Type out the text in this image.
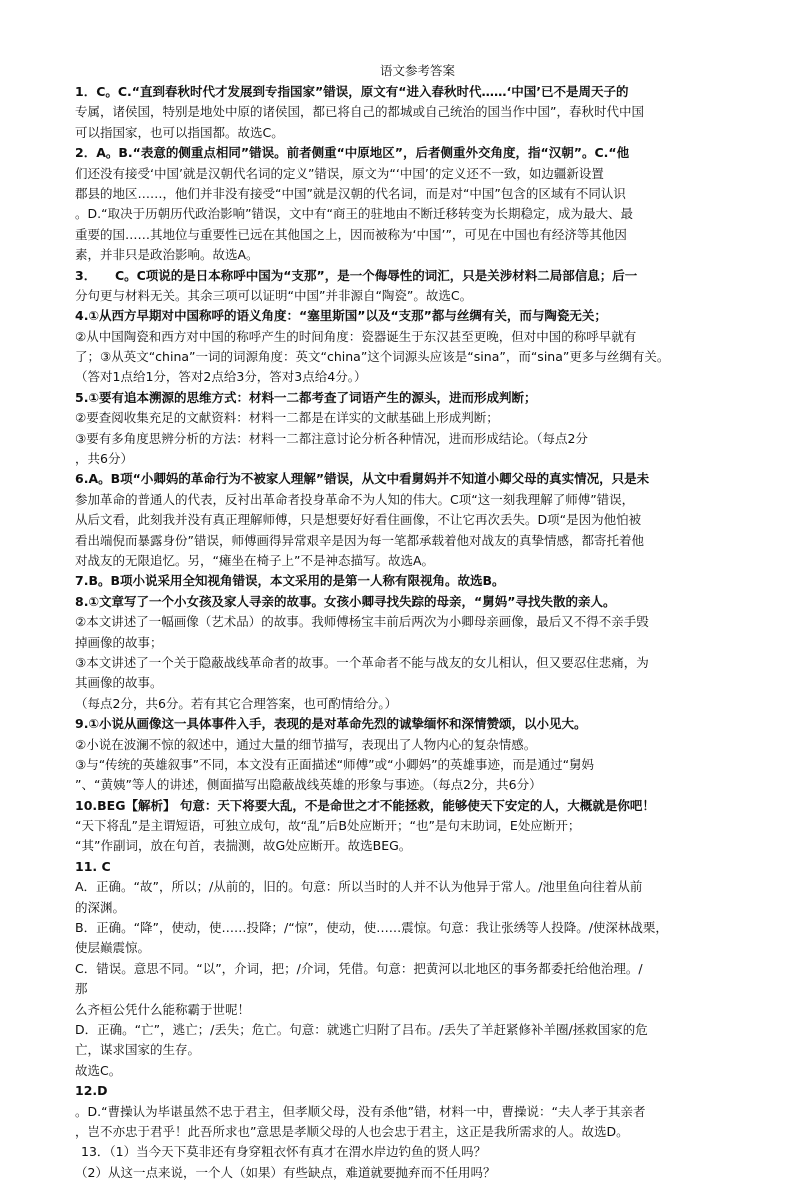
语文参考答案
1．C。C.“直到春秋时代才发展到专指国家”错误，原文有“进入春秋时代……‘中国’已不是周天子的
专属，诸侯国，特别是地处中原的诸侯国，都已将自己的都城或自己统治的国当作中国”，春秋时代中国
可以指国家，也可以指国都。故选C。
2．A。B.“表意的侧重点相同”错误。前者侧重“中原地区”，后者侧重外交角度，指“汉朝”。C.“他
们还没有接受‘中国’就是汉朝代名词的定义”错误，原文为“‘中国’的定义还不一致，如边疆新设置
郡县的地区……，他们并非没有接受“中国”就是汉朝的代名词，而是对“中国”包含的区域有不同认识
。D.“取决于历朝历代政治影响”错误，文中有“商王的驻地由不断迁移转变为长期稳定，成为最大、最
重要的国……其地位与重要性已远在其他国之上，因而被称为‘中国’”，可见在中国也有经济等其他因
素，并非只是政治影响。故选A。
3．　　C。C项说的是日本称呼中国为“支那”，是一个侮辱性的词汇，只是关涉材料二局部信息；后一
分句更与材料无关。其余三项可以证明“中国”并非源自“陶瓷”。故选C。
4.①从西方早期对中国称呼的语义角度：“塞里斯国”以及“支那”都与丝绸有关，而与陶瓷无关；
②从中国陶瓷和西方对中国的称呼产生的时间角度：瓷器诞生于东汉甚至更晚，但对中国的称呼早就有
了；③从英文“china”一词的词源角度：英文“china”这个词源头应该是“sina”，而“sina”更多与丝绸有关。
（答对1点给1分，答对2点给3分，答对3点给4分。）
5.①要有追本溯源的思维方式：材料一二都考查了词语产生的源头，进而形成判断；
②要查阅收集充足的文献资料：材料一二都是在详实的文献基础上形成判断；
③要有多角度思辨分析的方法：材料一二都注意讨论分析各种情况，进而形成结论。（每点2分
，共6分）
6.A。B项“小卿妈的革命行为不被家人理解”错误，从文中看舅妈并不知道小卿父母的真实情况，只是未
参加革命的普通人的代表，反衬出革命者投身革命不为人知的伟大。C项“这一刻我理解了师傅”错误，
从后文看，此刻我并没有真正理解师傅，只是想要好好看住画像，不让它再次丢失。D项“是因为他怕被
看出端倪而暴露身份”错误，师傅画得异常艰辛是因为每一笔都承载着他对战友的真挚情感，都寄托着他
对战友的无限追忆。另，“瘫坐在椅子上”不是神态描写。故选A。
7.B。B项小说采用全知视角错误，本文采用的是第一人称有限视角。故选B。
8.①文章写了一个小女孩及家人寻亲的故事。女孩小卿寻找失踪的母亲，“舅妈”寻找失散的亲人。
②本文讲述了一幅画像（艺术品）的故事。我师傅杨宝丰前后两次为小卿母亲画像，最后又不得不亲手毁
掉画像的故事；
③本文讲述了一个关于隐蔽战线革命者的故事。一个革命者不能与战友的女儿相认，但又要忍住悲痛，为
其画像的故事。
（每点2分，共6分。若有其它合理答案，也可酌情给分。）
9.①小说从画像这一具体事件入手，表现的是对革命先烈的诚挚缅怀和深情赞颂，以小见大。
②小说在波澜不惊的叙述中，通过大量的细节描写，表现出了人物内心的复杂情感。
③与“传统的英雄叙事”不同，本文没有正面描述“师傅”或“小卿妈”的英雄事迹，而是通过“舅妈
”、“黄姨”等人的讲述，侧面描写出隐蔽战线英雄的形象与事迹。（每点2分，共6分）
10.BEG【解析】 句意：天下将要大乱，不是命世之才不能拯救，能够使天下安定的人，大概就是你吧！
“天下将乱”是主谓短语，可独立成句，故“乱”后B处应断开；“也”是句末助词，E处应断开；
“其”作副词，放在句首，表揣测，故G处应断开。故选BEG。
11. C
A．正确。“故”，所以；/从前的，旧的。句意：所以当时的人并不认为他异于常人。/池里鱼向往着从前
的深渊。
B．正确。“降”，使动，使……投降；/“惊”，使动，使……震惊。句意：我让张绣等人投降。/使深林战栗，
使层巅震惊。
C．错误。意思不同。“以”，介词，把；/介词，凭借。句意：把黄河以北地区的事务都委托给他治理。/
那
么齐桓公凭什么能称霸于世呢！
D．正确。“亡”，逃亡；/丢失；危亡。句意：就逃亡归附了吕布。/丢失了羊赶紧修补羊圈/拯救国家的危
亡，谋求国家的生存。
故选C。
12.D
。D.“曹操认为毕谌虽然不忠于君主，但孝顺父母，没有杀他”错，材料一中，曹操说：“夫人孝于其亲者
，岂不亦忠于君乎！此吾所求也”意思是孝顺父母的人也会忠于君主，这正是我所需求的人。故选D。
13．（1）当今天下莫非还有身穿粗衣怀有真才在渭水岸边钓鱼的贤人吗？
（2）从这一点来说，一个人（如果）有些缺点，难道就要抛弃而不任用吗？
